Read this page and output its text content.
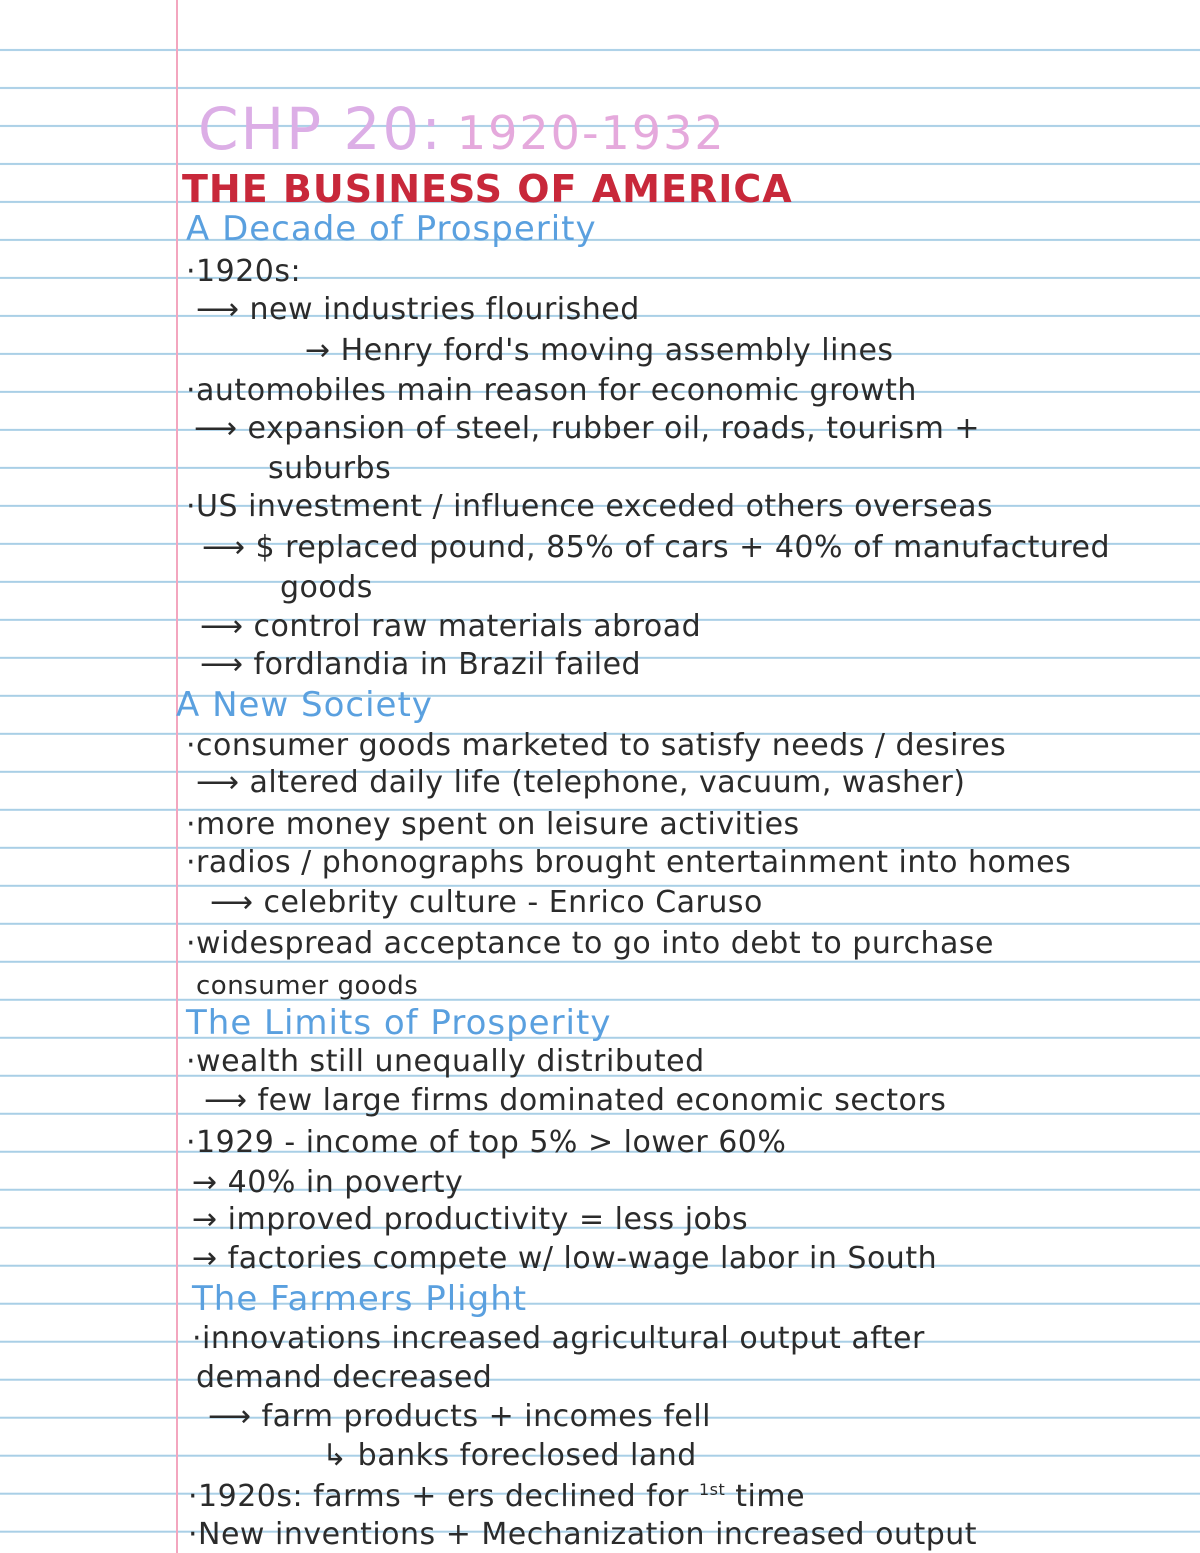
CHP 20: 1920-1932
THE BUSINESS OF AMERICA
A Decade of Prosperity
·1920s:
⟶ new industries flourished
→ Henry ford's moving assembly lines
·automobiles main reason for economic growth
⟶ expansion of steel, rubber oil, roads, tourism +
suburbs
·US investment / influence exceded others overseas
⟶ $ replaced pound, 85% of cars + 40% of manufactured
goods
⟶ control raw materials abroad
⟶ fordlandia in Brazil failed
A New Society
·consumer goods marketed to satisfy needs / desires
⟶ altered daily life (telephone, vacuum, washer)
·more money spent on leisure activities
·radios / phonographs brought entertainment into homes
⟶ celebrity culture - Enrico Caruso
·widespread acceptance to go into debt to purchase
consumer goods
The Limits of Prosperity
·wealth still unequally distributed
⟶ few large firms dominated economic sectors
·1929 - income of top 5% > lower 60%
→ 40% in poverty
→ improved productivity = less jobs
→ factories compete w/ low-wage labor in South
The Farmers Plight
·innovations increased agricultural output after
demand decreased
⟶ farm products + incomes fell
↳ banks foreclosed land
·1920s: farms + ers declined for $^{1st}$ time
·New inventions + Mechanization increased output
